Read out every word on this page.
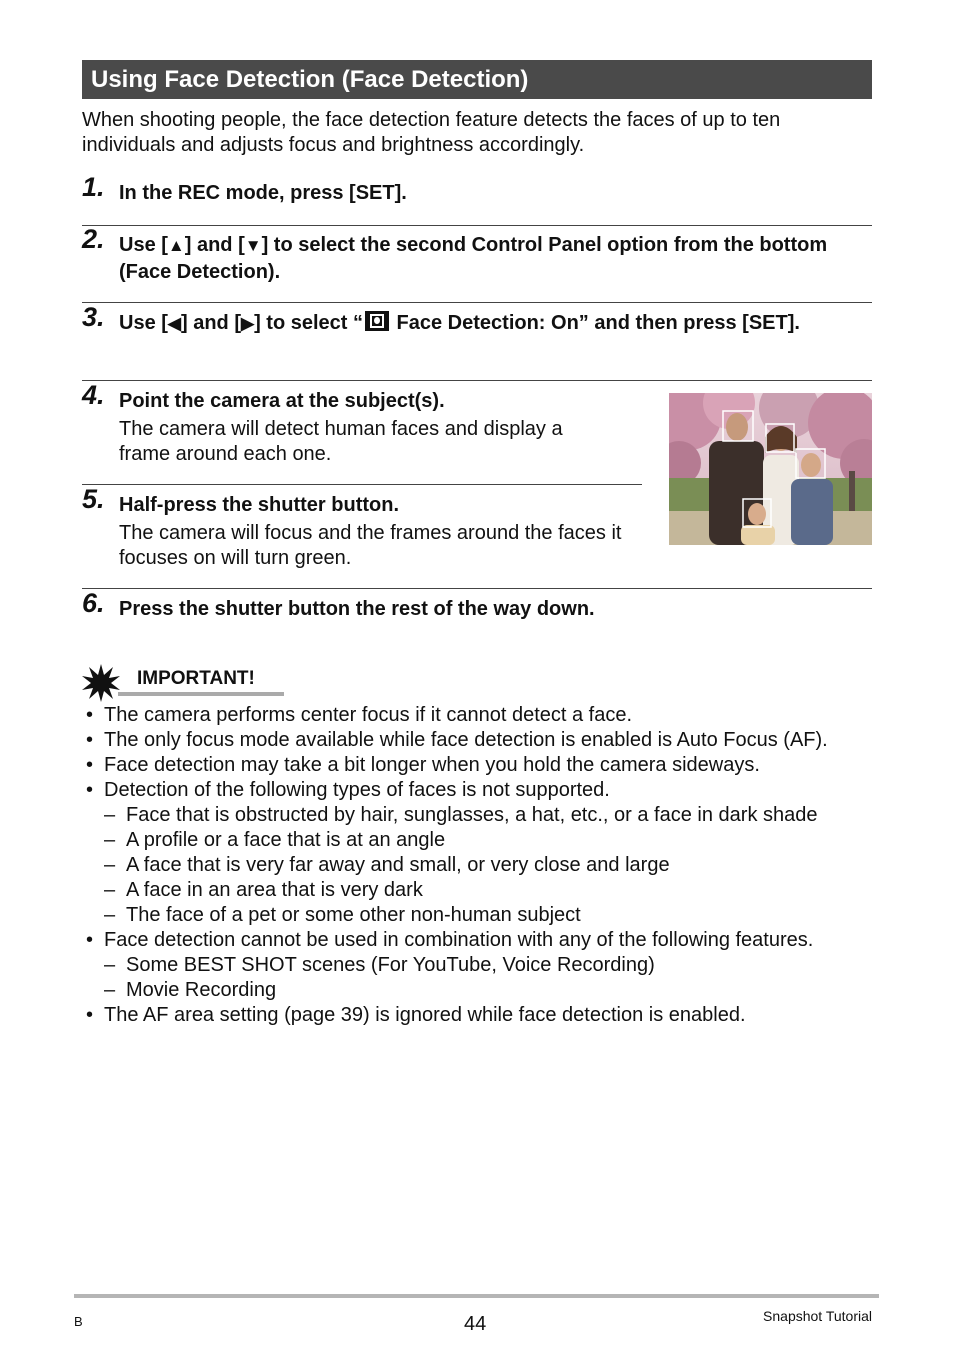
Using Face Detection (Face Detection)
When shooting people, the face detection feature detects the faces of up to ten individuals and adjusts focus and brightness accordingly.
1. In the REC mode, press [SET].
2. Use [▲] and [▼] to select the second Control Panel option from the bottom (Face Detection).
3. Use [◀] and [▶] to select “ Face Detection: On” and then press [SET].
4. Point the camera at the subject(s).
The camera will detect human faces and display a frame around each one.
5. Half-press the shutter button.
The camera will focus and the frames around the faces it focuses on will turn green.
6. Press the shutter button the rest of the way down.
IMPORTANT!
• The camera performs center focus if it cannot detect a face.
• The only focus mode available while face detection is enabled is Auto Focus (AF).
• Face detection may take a bit longer when you hold the camera sideways.
• Detection of the following types of faces is not supported.
– Face that is obstructed by hair, sunglasses, a hat, etc., or a face in dark shade
– A profile or a face that is at an angle
– A face that is very far away and small, or very close and large
– A face in an area that is very dark
– The face of a pet or some other non-human subject
• Face detection cannot be used in combination with any of the following features.
– Some BEST SHOT scenes (For YouTube, Voice Recording)
– Movie Recording
• The AF area setting (page 39) is ignored while face detection is enabled.
B	44	Snapshot Tutorial
